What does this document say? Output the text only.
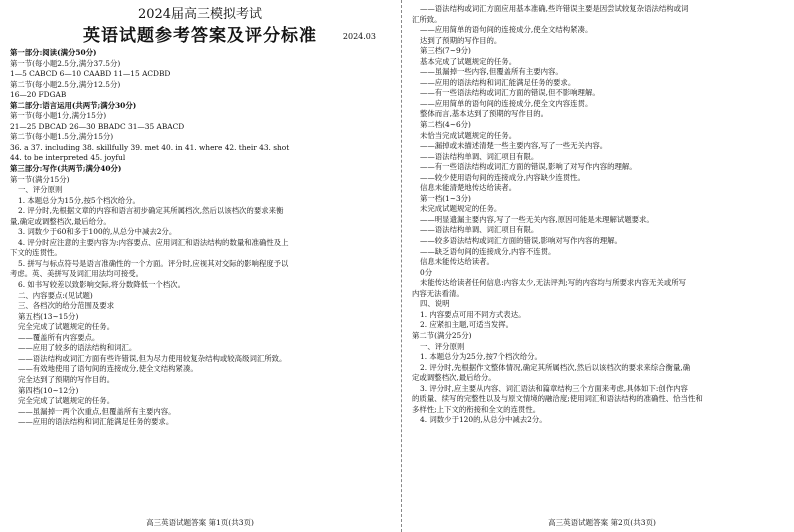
2024届高三模拟考试
英语试题参考答案及评分标准	2024.03
第一部分:阅读(满分50分)
第一节(每小题2.5分,满分37.5分)
1—5 CABCD 6—10 CAABD 11—15 ACDBD
第二节(每小题2.5分,满分12.5分)
16—20 FDGAB
第二部分:语言运用(共两节;满分30分)
第一节(每小题1分,满分15分)
21—25 DBCAD 26—30 BBADC 31—35 ABACD
第二节(每小题1.5分,满分15分)
36. a 37. including 38. skillfully 39. met 40. in 41. where 42. their 43. shot
44. to be interpreted 45. joyful
第三部分:写作(共两节;满分40分)
第一节(满分15分)
一、评分原则
1. 本题总分为15分,按5个档次给分。
2. 评分时,先根据文章的内容和语言初步确定其所属档次,然后以该档次的要求来衡
量,确定或调整档次,最后给分。
3. 词数少于60和多于100的,从总分中减去2分。
4. 评分时应注意的主要内容为:内容要点、应用词汇和语法结构的数量和准确性及上
下文的连贯性。
5. 拼写与标点符号是语言准确性的一个方面。评分时,应视其对交际的影响程度予以
考虑。英、美拼写及词汇用法均可接受。
6. 如书写较差以致影响交际,将分数降低一个档次。
二、内容要点:(见试题)
三、各档次的给分范围及要求
第五档(13~15分)
完全完成了试题规定的任务。
——覆盖所有内容要点。
——应用了较多的语法结构和词汇。
——语法结构或词汇方面有些许错误,但为尽力使用较复杂结构或较高级词汇所致。
——有效地使用了语句间的连接成分,使全文结构紧凑。
完全达到了预期的写作目的。
第四档(10~12分)
完全完成了试题规定的任务。
——虽漏掉一两个次重点,但覆盖所有主要内容。
——应用的语法结构和词汇能满足任务的要求。
高三英语试题答案 第1页(共3页)
——语法结构或词汇方面应用基本准确,些许错误主要是因尝试较复杂语法结构或词
汇所致。
——应用简单的语句间的连接成分,使全文结构紧凑。
达到了预期的写作目的。
第三档(7~9分)
基本完成了试题规定的任务。
——虽漏掉一些内容,但覆盖所有主要内容。
——应用的语法结构和词汇能满足任务的要求。
——有一些语法结构或词汇方面的错误,但不影响理解。
——应用简单的语句间的连接成分,使全文内容连贯。
整体而言,基本达到了预期的写作目的。
第二档(4~6分)
未恰当完成试题规定的任务。
——漏掉或未描述清楚一些主要内容,写了一些无关内容。
——语法结构单调、词汇项目有限。
——有一些语法结构或词汇方面的错误,影响了对写作内容的理解。
——较少使用语句间的连接成分,内容缺少连贯性。
信息未能清楚地传达给读者。
第一档(1~3分)
未完成试题规定的任务。
——明显遗漏主要内容,写了一些无关内容,原因可能是未理解试题要求。
——语法结构单调、词汇项目有限。
——较多语法结构或词汇方面的错误,影响对写作内容的理解。
——缺乏语句间的连接成分,内容不连贯。
信息未能传达给读者。
0分
未能传达给读者任何信息:内容太少,无法评判;写的内容均与所要求内容无关或所写
内容无法看清。
四、说明
1. 内容要点可用不同方式表达。
2. 应紧扣主题,可适当发挥。
第二节(满分25分)
一、评分原则
1. 本题总分为25分,按7个档次给分。
2. 评分时,先根据作文整体情况,确定其所属档次,然后以该档次的要求来综合衡量,确
定或调整档次,最后给分。
3. 评分时,应主要从内容、词汇语法和篇章结构三个方面来考虑,具体如下:创作内容
的质量、续写的完整性以及与原文情境的融洽度;使用词汇和语法结构的准确性、恰当性和
多样性;上下文的衔接和全文的连贯性。
4. 词数少于120的,从总分中减去2分。
高三英语试题答案 第2页(共3页)
